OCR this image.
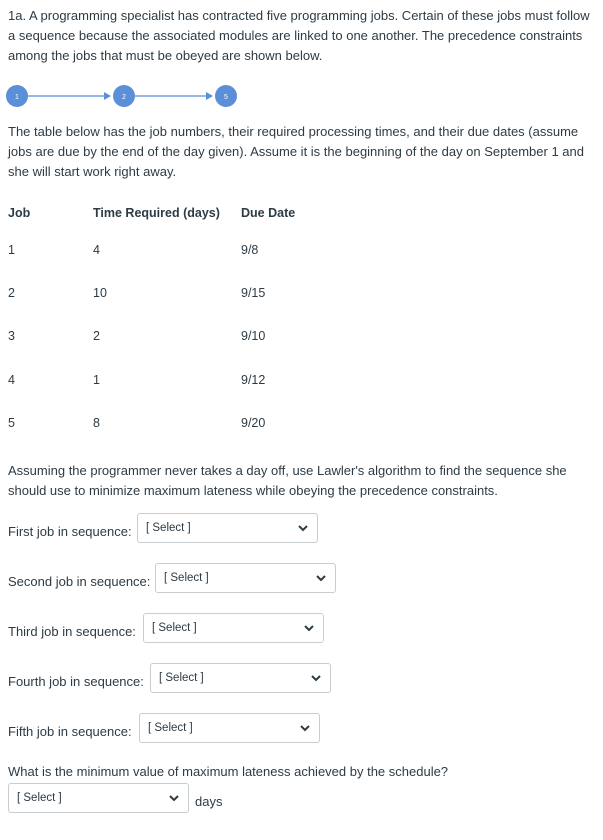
1a. A programming specialist has contracted five programming jobs. Certain of these jobs must follow a sequence because the associated modules are linked to one another. The precedence constraints among the jobs that must be obeyed are shown below.
1	2	5
The table below has the job numbers, their required processing times, and their due dates (assume jobs are due by the end of the day given). Assume it is the beginning of the day on September 1 and she will start work right away.
Job	Time Required (days)	Due Date
1	4	9/8
2	10	9/15
3	2	9/10
4	1	9/12
5	8	9/20
Assuming the programmer never takes a day off, use Lawler's algorithm to find the sequence she should use to minimize maximum lateness while obeying the precedence constraints.
First job in sequence: [ Select ]
Second job in sequence: [ Select ]
Third job in sequence: [ Select ]
Fourth job in sequence: [ Select ]
Fifth job in sequence: [ Select ]
What is the minimum value of maximum lateness achieved by the schedule?
[ Select ]	days
